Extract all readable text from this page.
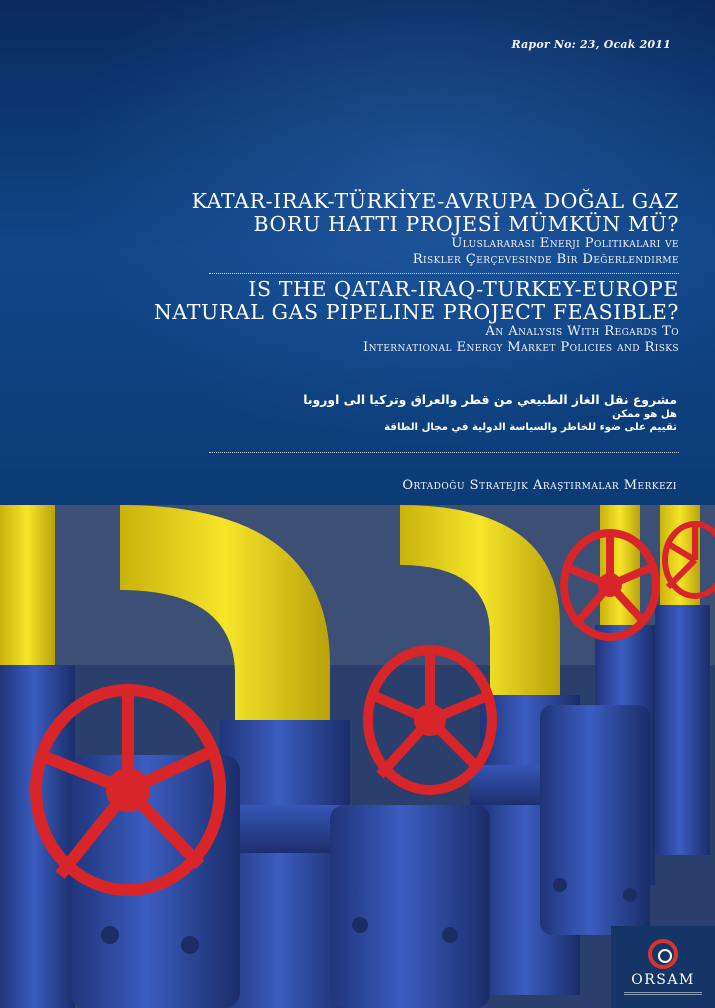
Rapor No: 23, Ocak 2011
KATAR-IRAK-TÜRKİYE-AVRUPA DOĞAL GAZ
BORU HATTI PROJESİ MÜMKÜN MÜ?
Uluslararası Enerji Politikaları ve
Riskler Çerçevesinde Bir Değerlendirme
IS THE QATAR-IRAQ-TURKEY-EUROPE
NATURAL GAS PIPELINE PROJECT FEASIBLE?
An Analysis With Regards To
International Energy Market Policies and Risks
مشروع نقل الغاز الطبيعي من قطر والعراق وتركيا الى اوروبا
هل هو ممكن
تقييم على ضوء للخاطر والسياسة الدولية في مجال الطاقة
Ortadoğu Stratejik Araştırmalar Merkezi
ORSAM
